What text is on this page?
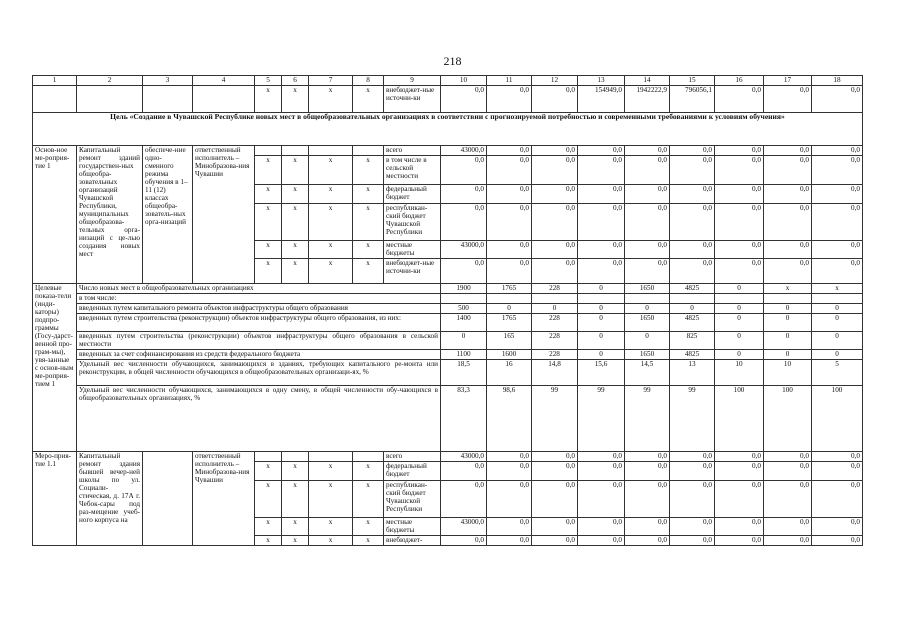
218
1	2	3	4	5	6	7	8	9	10	11	12	13	14	15	16	17	18
				x	x	x	x	внебюджет-ные источни-ки	0,0	0,0	0,0	154949,0	1942222,9	796056,1	0,0	0,0	0,0
Цель «Создание в Чувашской Республике новых мест в общеобразовательных организациях в соответствии с прогнозируемой потребностью и современными требованиями к условиям обучения»																	
Основ-ное ме-роприя-тие 1	Капитальный ремонт зданий государствен-ных общеобра-зовательных организаций Чувашской Республики, муниципальных общеобразова-тельных орга-низаций с це-лью создания новых мест	обеспече-ние одно-сменного режима обучения в 1–11 (12) классах общеобра-зователь-ных орга-низаций	ответственный исполнитель – Минобразова-ния Чувашии					всего	43000,0	0,0	0,0	0,0	0,0	0,0	0,0	0,0	0,0
				x	x	x	x	в том числе в сельской местности	0,0	0,0	0,0	0,0	0,0	0,0	0,0	0,0	0,0
				x	x	x	x	федеральный бюджет	0,0	0,0	0,0	0,0	0,0	0,0	0,0	0,0	0,0
				x	x	x	x	республикан-ский бюджет Чувашской Республики	0,0	0,0	0,0	0,0	0,0	0,0	0,0	0,0	0,0
				x	x	x	x	местные бюджеты	43000,0	0,0	0,0	0,0	0,0	0,0	0,0	0,0	0,0
				x	x	x	x	внебюджет-ные источни-ки	0,0	0,0	0,0	0,0	0,0	0,0	0,0	0,0	0,0
Целевые показа-тели (инди-каторы) подпро-граммы (Госу-дарст-венной про-грам-мы), увя-занные с основ-ным ме-роприя-тием 1	Число новых мест в общеобразовательных организациях								1900	1765	228	0	1650	4825	0	x	x
	в том числе:																
	введенных путем капитального ремонта объектов инфраструктуры общего образования								500	0	0	0	0	0	0	0	0
	введенных путем строительства (реконструкции) объектов инфраструктуры общего образования, из них:								1400	1765	228	0	1650	4825	0	0	0
	введенных путем строительства (реконструкции) объектов инфраструктуры общего образования в сельской местности								0	165	228	0	0	825	0	0	0
	введенных за счет софинансирования из средств федерального бюджета								1100	1600	228	0	1650	4825	0	0	0
	Удельный вес численности обучающихся, занимающихся в зданиях, требующих капитального ре-монта или реконструкции, в общей численности обучающихся в общеобразовательных организаци-ях, %								18,5	16	14,8	15,6	14,5	13	10	10	5
	Удельный вес численности обучающихся, занимающихся в одну смену, в общей численности обу-чающихся в общеобразовательных организациях, %								83,3	98,6	99	99	99	99	100	100	100
Меро-прия-тие 1.1	Капитальный ремонт здания бывшей вечер-ней школы по ул. Социали-стическая, д. 17А г. Чебок-сары под раз-мещение учеб-ного корпуса на		ответственный исполнитель – Минобразова-ния Чувашии					всего	43000,0	0,0	0,0	0,0	0,0	0,0	0,0	0,0	0,0
				x	x	x	x	федеральный бюджет	0,0	0,0	0,0	0,0	0,0	0,0	0,0	0,0	0,0
				x	x	x	x	республикан-ский бюджет Чувашской Республики	0,0	0,0	0,0	0,0	0,0	0,0	0,0	0,0	0,0
				x	x	x	x	местные бюджеты	43000,0	0,0	0,0	0,0	0,0	0,0	0,0	0,0	0,0
				x	x	x	x	внебюджет-	0,0	0,0	0,0	0,0	0,0	0,0	0,0	0,0	0,0
